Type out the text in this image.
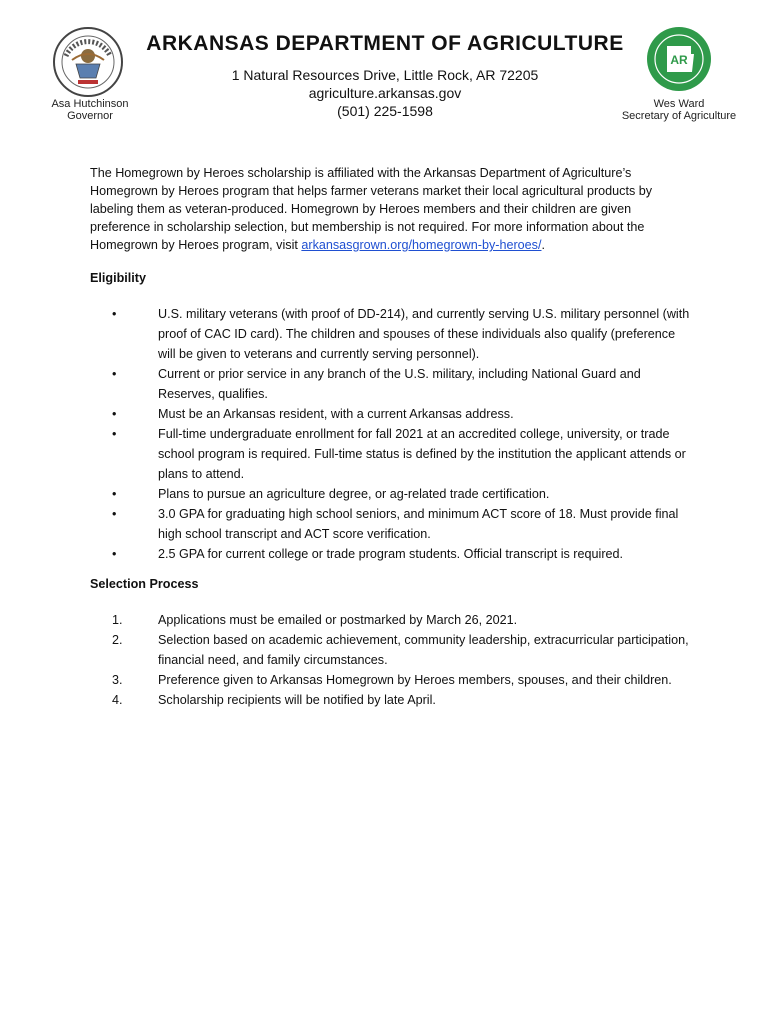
Asa Hutchinson
Governor
ARKANSAS DEPARTMENT OF AGRICULTURE
1 Natural Resources Drive, Little Rock, AR 72205
agriculture.arkansas.gov
(501) 225-1598
AR
Wes Ward
Secretary of Agriculture

The Homegrown by Heroes scholarship is affiliated with the Arkansas Department of Agriculture’s Homegrown by Heroes program that helps farmer veterans market their local agricultural products by labeling them as veteran-produced. Homegrown by Heroes members and their children are given preference in scholarship selection, but membership is not required. For more information about the Homegrown by Heroes program, visit arkansasgrown.org/homegrown-by-heroes/.

Eligibility
•	U.S. military veterans (with proof of DD-214), and currently serving U.S. military personnel (with proof of CAC ID card). The children and spouses of these individuals also qualify (preference will be given to veterans and currently serving personnel).
•	Current or prior service in any branch of the U.S. military, including National Guard and Reserves, qualifies.
•	Must be an Arkansas resident, with a current Arkansas address.
•	Full-time undergraduate enrollment for fall 2021 at an accredited college, university, or trade school program is required. Full-time status is defined by the institution the applicant attends or plans to attend.
•	Plans to pursue an agriculture degree, or ag-related trade certification.
•	3.0 GPA for graduating high school seniors, and minimum ACT score of 18. Must provide final high school transcript and ACT score verification.
•	2.5 GPA for current college or trade program students. Official transcript is required.
Selection Process
1.	Applications must be emailed or postmarked by March 26, 2021.
2.	Selection based on academic achievement, community leadership, extracurricular participation, financial need, and family circumstances.
3.	Preference given to Arkansas Homegrown by Heroes members, spouses, and their children.
4.	Scholarship recipients will be notified by late April.
